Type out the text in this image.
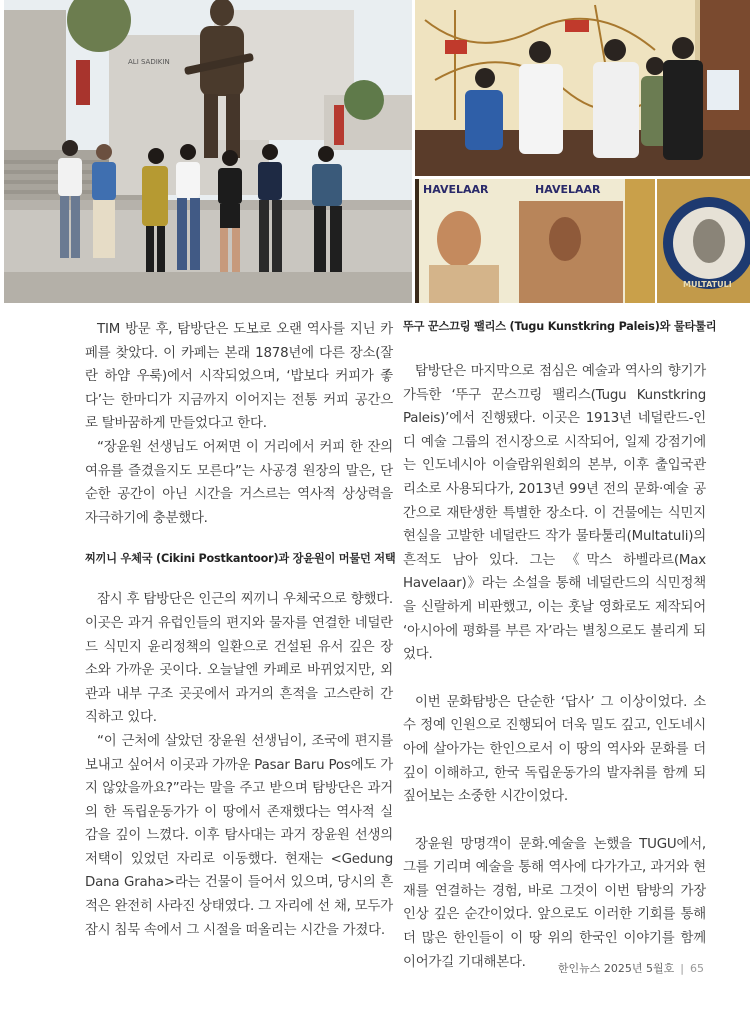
ALI SADIKIN
HAVELAAR	HAVELAAR
MULTATULI

TIM 방문 후, 탐방단은 도보로 오랜 역사를 지닌 카페를 찾았다. 이 카페는 본래 1878년에 다른 장소(잘란 하얌 우룩)에서 시작되었으며, ‘밥보다 커피가 좋다’는 한마디가 지금까지 이어지는 전통 커피 공간으로 탈바꿈하게 만들었다고 한다.

“장윤원 선생님도 어쩌면 이 거리에서 커피 한 잔의 여유를 즐겼을지도 모른다”는 사공경 원장의 말은, 단순한 공간이 아닌 시간을 거스르는 역사적 상상력을 자극하기에 충분했다.

찌끼니 우체국 (Cikini Postkantoor)과 장윤원이 머물던 저택

잠시 후 탐방단은 인근의 찌끼니 우체국으로 향했다. 이곳은 과거 유럽인들의 편지와 물자를 연결한 네덜란드 식민지 윤리정책의 일환으로 건설된 유서 깊은 장소와 가까운 곳이다. 오늘날엔 카페로 바뀌었지만, 외관과 내부 구조 곳곳에서 과거의 흔적을 고스란히 간직하고 있다.

“이 근처에 살았던 장윤원 선생님이, 조국에 편지를 보내고 싶어서 이곳과 가까운 Pasar Baru Pos에도 가지 않았을까요?”라는 말을 주고 받으며 탐방단은 과거의 한 독립운동가가 이 땅에서 존재했다는 역사적 실감을 깊이 느꼈다. 이후 탐사대는 과거 장윤원 선생의 저택이 있었던 자리로 이동했다. 현재는 <Gedung Dana Graha>라는 건물이 들어서 있으며, 당시의 흔적은 완전히 사라진 상태였다. 그 자리에 선 채, 모두가 잠시 침묵 속에서 그 시절을 떠올리는 시간을 가졌다.

뚜구 꾼스끄링 팰리스 (Tugu Kunstkring Paleis)와 물타툴리

탐방단은 마지막으로 점심은 예술과 역사의 향기가 가득한 ‘뚜구 꾼스끄링 팰리스(Tugu Kunstkring Paleis)’에서 진행됐다. 이곳은 1913년 네덜란드-인디 예술 그룹의 전시장으로 시작되어, 일제 강점기에는 인도네시아 이슬람위원회의 본부, 이후 출입국관리소로 사용되다가, 2013년 99년 전의 문화·예술 공간으로 재탄생한 특별한 장소다. 이 건물에는 식민지 현실을 고발한 네덜란드 작가 물타툴리(Multatuli)의 흔적도 남아 있다. 그는 《막스 하벨라르(Max Havelaar)》라는 소설을 통해 네덜란드의 식민정책을 신랄하게 비판했고, 이는 훗날 영화로도 제작되어 ‘아시아에 평화를 부른 자’라는 별칭으로도 불리게 되었다.

이번 문화탐방은 단순한 ‘답사’ 그 이상이었다. 소수 정예 인원으로 진행되어 더욱 밀도 깊고, 인도네시아에 살아가는 한인으로서 이 땅의 역사와 문화를 더 깊이 이해하고, 한국 독립운동가의 발자취를 함께 되짚어보는 소중한 시간이었다.

장윤원 망명객이 문화.예술을 논했을 TUGU에서, 그를 기리며 예술을 통해 역사에 다가가고, 과거와 현재를 연결하는 경험, 바로 그것이 이번 탐방의 가장 인상 깊은 순간이었다. 앞으로도 이러한 기회를 통해 더 많은 한인들이 이 땅 위의 한국인 이야기를 함께 이어가길 기대해본다.	한인뉴스 2025년 5월호 | 65
